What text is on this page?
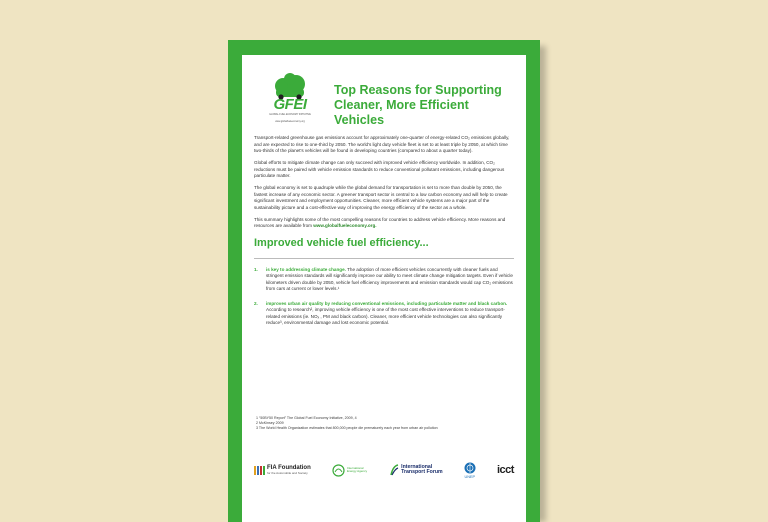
GFEI
GLOBAL FUEL ECONOMY INITIATIVE
www.globalfueleconomy.org
Top Reasons for Supporting
Cleaner, More Efficient Vehicles

Transport-related greenhouse gas emissions account for approximately one-quarter of energy-related CO₂ emissions globally, and are expected to rise to one-third by 2050. The world's light duty vehicle fleet is set to at least triple by 2050, at which time two-thirds of the planet's vehicles will be found in developing countries (compared to about a quarter today).

Global efforts to mitigate climate change can only succeed with improved vehicle efficiency worldwide. In addition, CO₂ reductions must be paired with vehicle emission standards to reduce conventional pollutant emissions, including dangerous particulate matter.

The global economy is set to quadruple while the global demand for transportation is set to more than double by 2050, the fastest increase of any economic sector. A greener transport sector is central to a low carbon economy and will help to create significant investment and employment opportunities. Cleaner, more efficient vehicle systems are a major part of the sustainability picture and a cost-effective way of improving the energy efficiency of the sector as a whole.

This summary highlights some of the most compelling reasons for countries to address vehicle efficiency. More reasons and resources are available from www.globalfueleconomy.org.

Improved vehicle fuel efficiency...
1.	is key to addressing climate change. The adoption of more efficient vehicles concurrently with cleaner fuels and stringent emission standards will significantly improve our ability to meet climate change mitigation targets. Even if vehicle kilometers driven double by 2050, vehicle fuel efficiency improvements and emission standards would cap CO₂ emissions from cars at current or lower levels.¹
2.	improves urban air quality by reducing conventional emissions, including particulate matter and black carbon. According to research², improving vehicle efficiency is one of the most cost effective interventions to reduce transport-related emissions (ie. NOₓ , PM and black carbon). Cleaner, more efficient vehicle technologies can also significantly reduce³, environmental damage and lost economic potential.
1 “50BY50 Report” The Global Fuel Economy Initiative, 2009, 4
2 McKinsey 2009
3 The World Health Organization estimates that 800,000 people die prematurely each year from urban air pollution
FIA Foundation
for the Automobile and Society
International Energy Agency
International
Transport Forum
UNEP
icct
